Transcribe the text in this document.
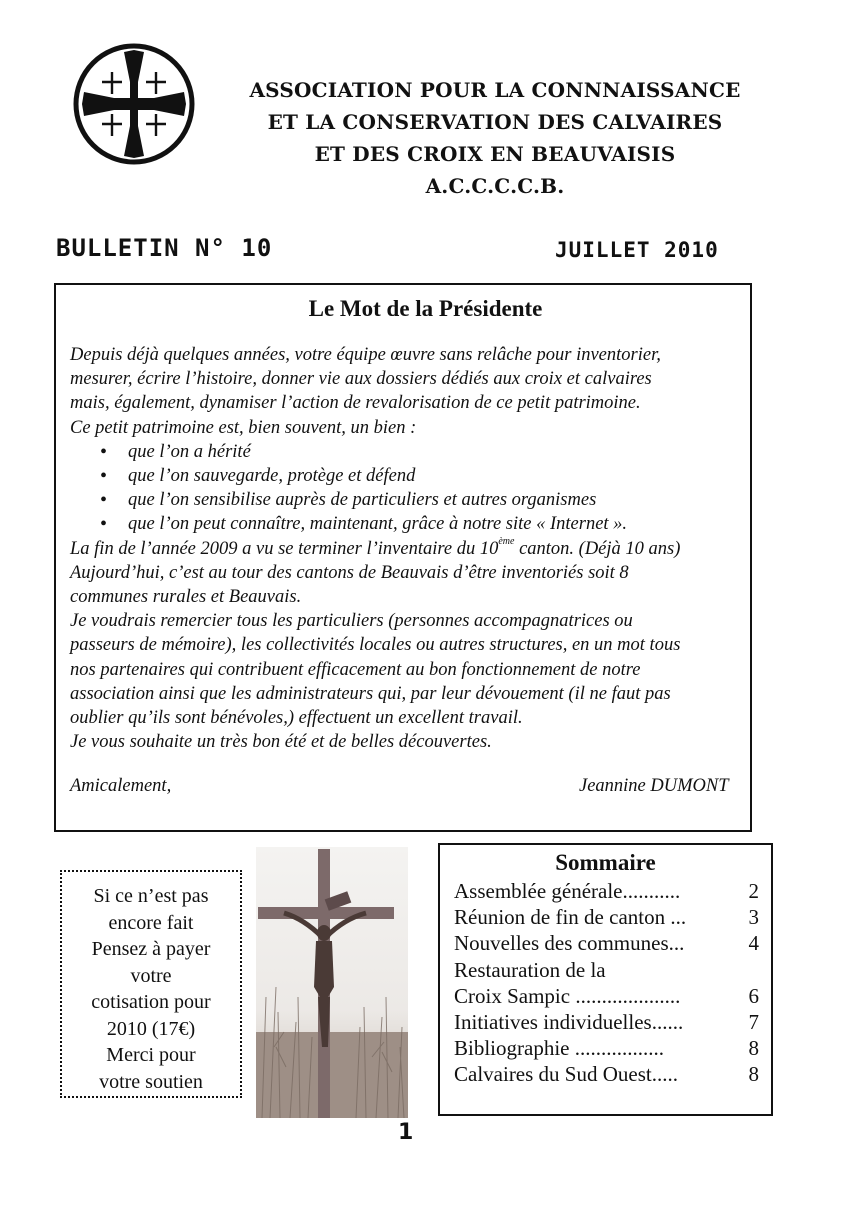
ASSOCIATION POUR LA CONNNAISSANCE
ET LA CONSERVATION DES CALVAIRES
ET DES CROIX EN BEAUVAISIS
A.C.C.C.C.B.
BULLETIN N° 10	JUILLET 2010
Le Mot de la Présidente

Depuis déjà quelques années, votre équipe œuvre sans relâche pour inventorier,

mesurer, écrire l’histoire, donner vie aux dossiers dédiés aux croix et calvaires

mais, également, dynamiser l’action de revalorisation de ce petit patrimoine.

Ce petit patrimoine est, bien souvent, un bien :

• que l’on a hérité
• que l’on sauvegarde, protège et défend
• que l’on sensibilise auprès de particuliers et autres organismes
• que l’on peut connaître, maintenant, grâce à notre site « Internet ».

La fin de l’année 2009 a vu se terminer l’inventaire du 10ème canton. (Déjà 10 ans)

Aujourd’hui, c’est au tour des cantons de Beauvais d’être inventoriés soit 8

communes rurales et Beauvais.

Je voudrais remercier tous les particuliers (personnes accompagnatrices ou

passeurs de mémoire), les collectivités locales ou autres structures, en un mot tous

nos partenaires qui contribuent efficacement au bon fonctionnement de notre

association ainsi que les administrateurs qui, par leur dévouement (il ne faut pas

oublier qu’ils sont bénévoles,) effectuent un excellent travail.

Je vous souhaite un très bon été et de belles découvertes.

Amicalement,	Jeannine DUMONT
Si ce n’est pas
encore fait
Pensez à payer
votre
cotisation pour
2010 (17€)
Merci pour
votre soutien
Sommaire
Assemblée générale...........	2
Réunion de fin de canton ...	3
Nouvelles des communes...	4
Restauration de la
Croix Sampic ....................	6
Initiatives individuelles......	7
Bibliographie .................	8
Calvaires du Sud Ouest.....	8
1
